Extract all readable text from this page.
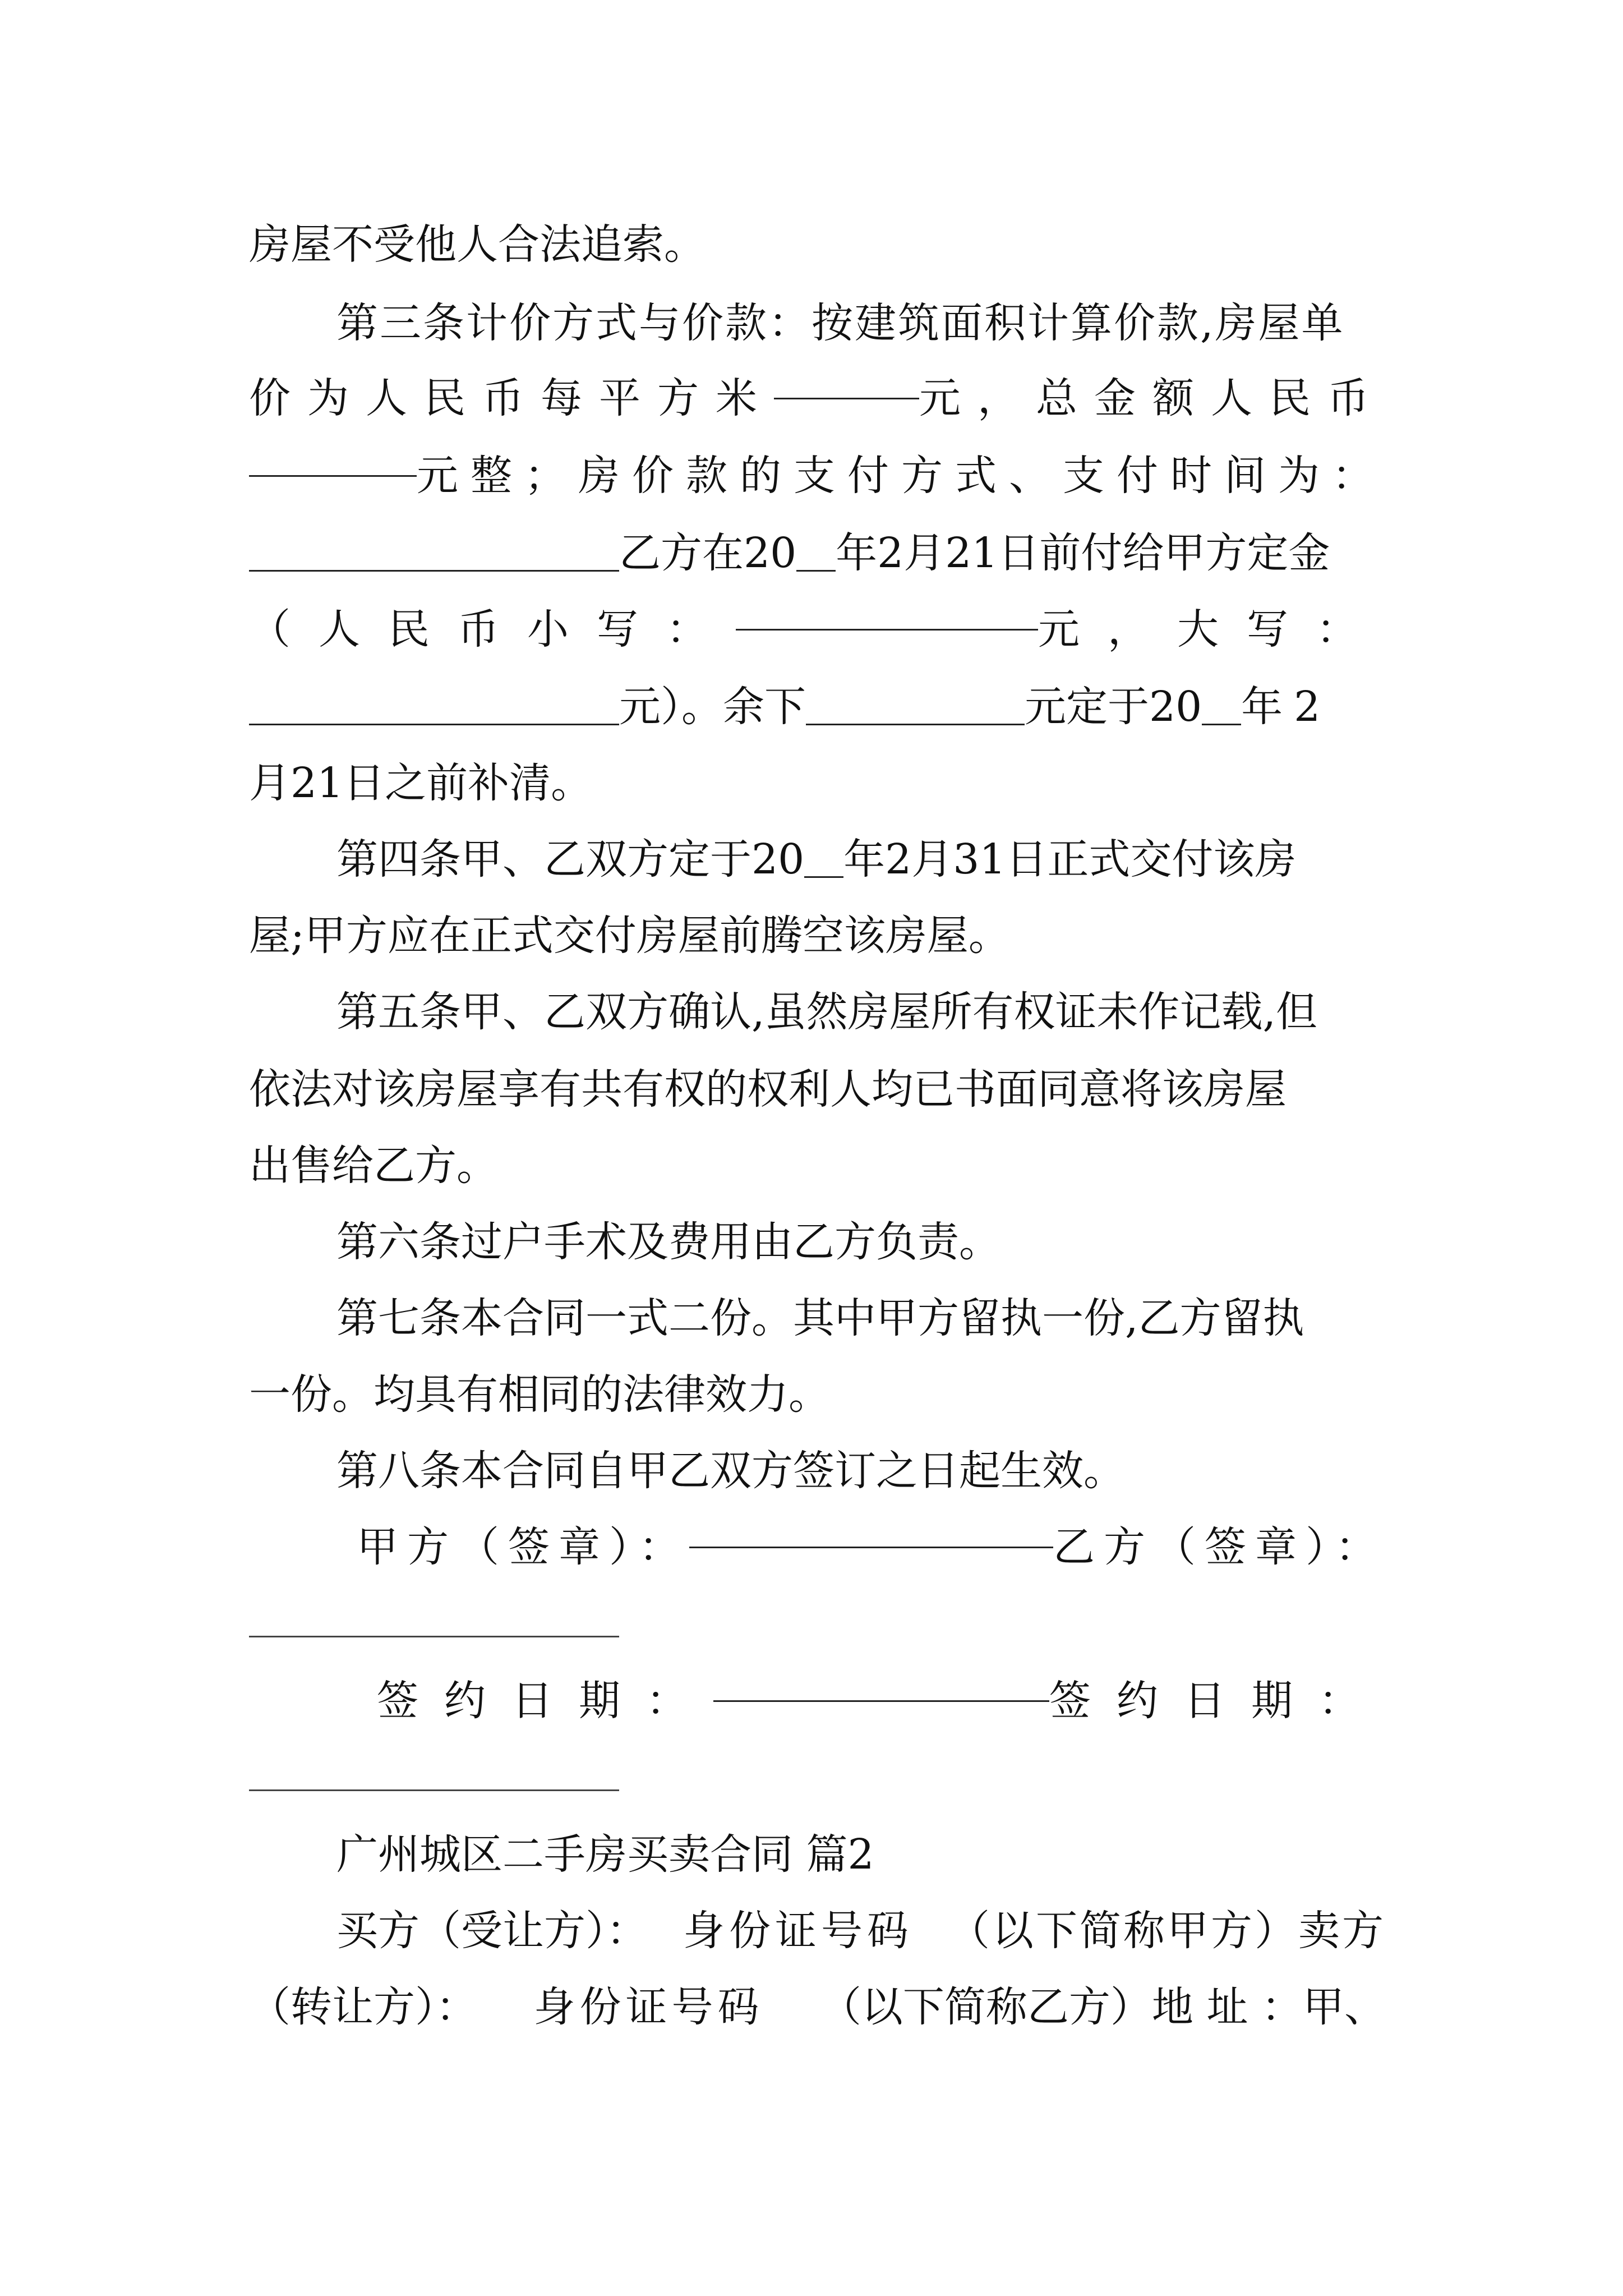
房屋不受他人合法追索。
第三条计价方式与价款：按建筑面积计算价款,房屋单
价为人民币每平方米	元，总金额人民币
元整；房价款的支付方式、支付时间为：
乙方在20 年2月21日前付给甲方定金
（人民币小写：	元，大写：
元）。余下	元定于20 年2
月21日之前补清。
第四条甲、乙双方定于20 年2月31日正式交付该房
屋;甲方应在正式交付房屋前腾空该房屋。
第五条甲、乙双方确认,虽然房屋所有权证未作记载,但
依法对该房屋享有共有权的权利人均已书面同意将该房屋
出售给乙方。
第六条过户手术及费用由乙方负责。
第七条本合同一式二份。其中甲方留执一份,乙方留执
一份。均具有相同的法律效力。
第八条本合同自甲乙双方签订之日起生效。
甲方（签章）：	乙方（签章）：
签约日期：	签约日期：
广州城区二手房买卖合同 篇2
买方（受让方）： 身份证号码 （以下简称甲方）卖方
（转让方）： 身份证号码 （以下简称乙方）地 址 ：甲、
